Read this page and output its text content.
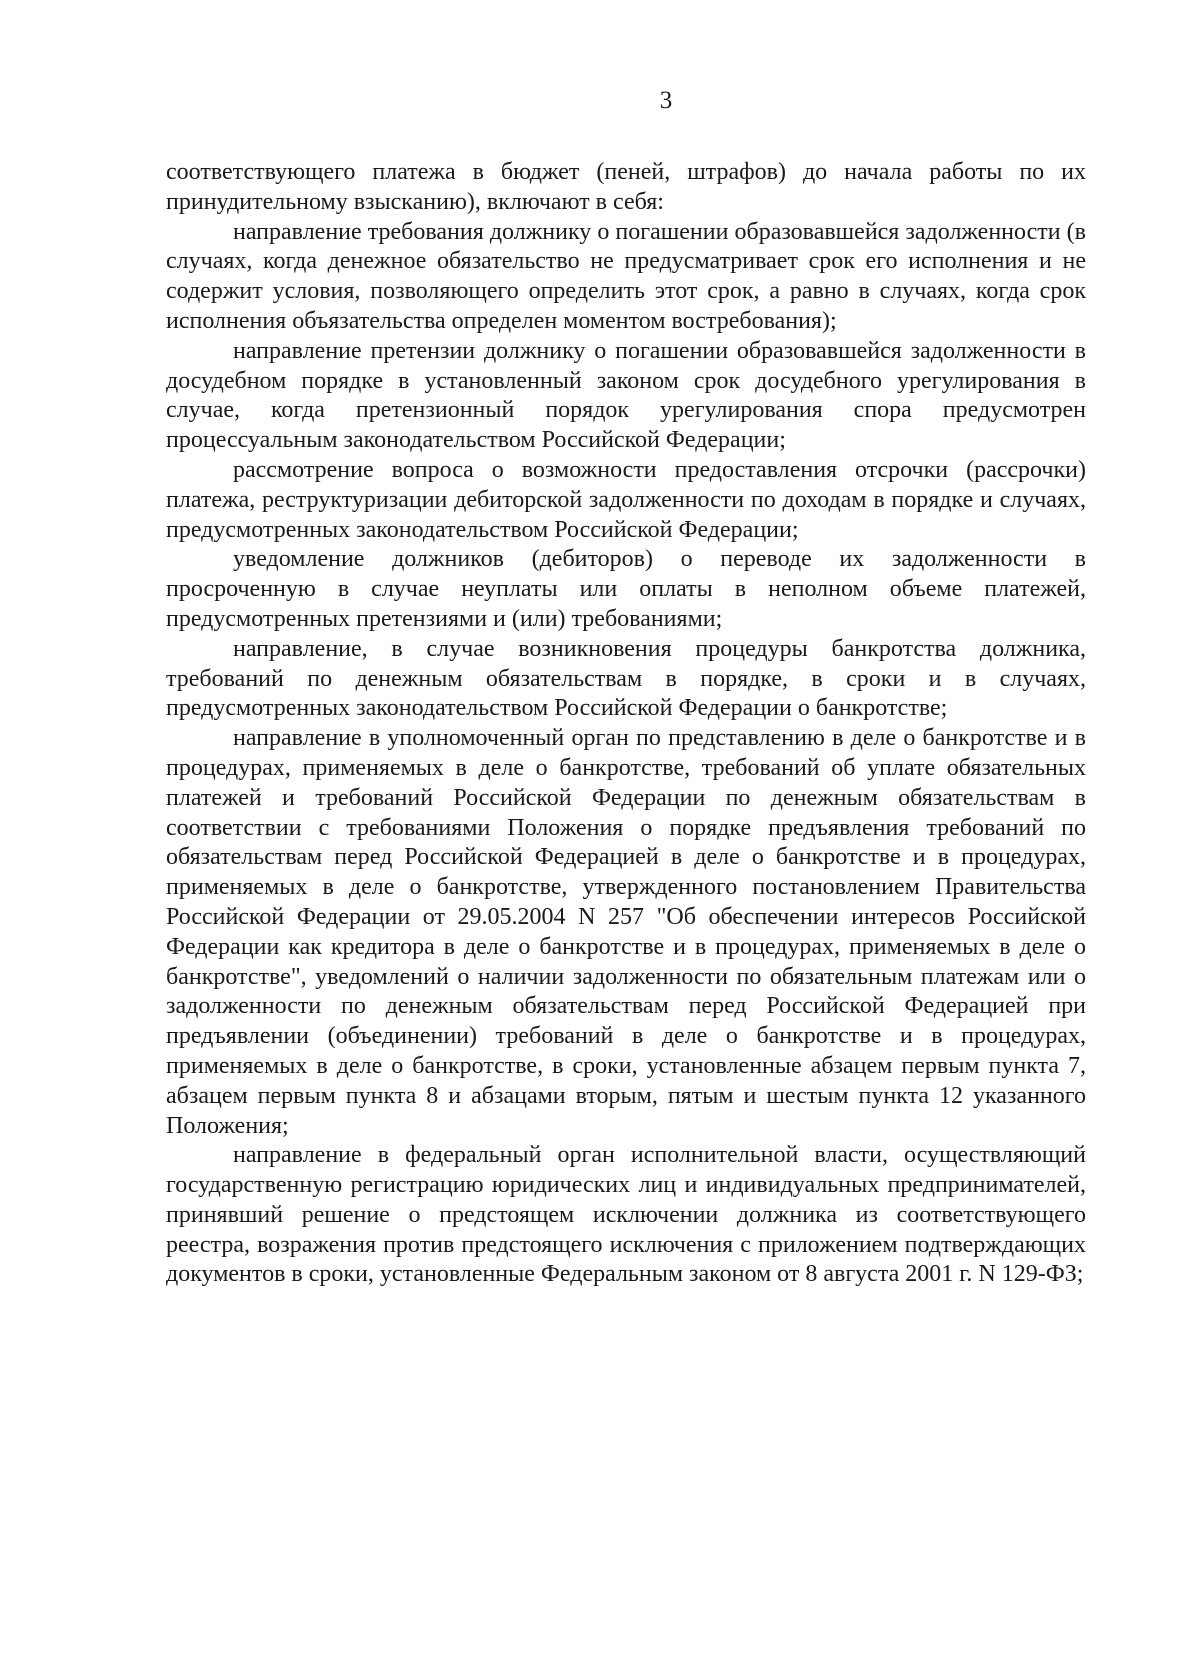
3

соответствующего платежа в бюджет (пеней, штрафов) до начала работы по их принудительному взысканию), включают в себя:

направление требования должнику о погашении образовавшейся задолженности (в случаях, когда денежное обязательство не предусматривает срок его исполнения и не содержит условия, позволяющего определить этот срок, а равно в случаях, когда срок исполнения объязательства определен моментом востребования);

направление претензии должнику о погашении образовавшейся задолженности в досудебном порядке в установленный законом срок досудебного урегулирования в случае, когда претензионный порядок урегулирования спора предусмотрен процессуальным законодательством Российской Федерации;

рассмотрение вопроса о возможности предоставления отсрочки (рассрочки) платежа, реструктуризации дебиторской задолженности по доходам в порядке и случаях, предусмотренных законодательством Российской Федерации;

уведомление должников (дебиторов) о переводе их задолженности в просроченную в случае неуплаты или оплаты в неполном объеме платежей, предусмотренных претензиями и (или) требованиями;

направление, в случае возникновения процедуры банкротства должника, требований по денежным обязательствам в порядке, в сроки и в случаях, предусмотренных законодательством Российской Федерации о банкротстве;

направление в уполномоченный орган по представлению в деле о банкротстве и в процедурах, применяемых в деле о банкротстве, требований об уплате обязательных платежей и требований Российской Федерации по денежным обязательствам в соответствии с требованиями Положения о порядке предъявления требований по обязательствам перед Российской Федерацией в деле о банкротстве и в процедурах, применяемых в деле о банкротстве, утвержденного постановлением Правительства Российской Федерации от 29.05.2004 N 257 "Об обеспечении интересов Российской Федерации как кредитора в деле о банкротстве и в процедурах, применяемых в деле о банкротстве", уведомлений о наличии задолженности по обязательным платежам или о задолженности по денежным обязательствам перед Российской Федерацией при предъявлении (объединении) требований в деле о банкротстве и в процедурах, применяемых в деле о банкротстве, в сроки, установленные абзацем первым пункта 7, абзацем первым пункта 8 и абзацами вторым, пятым и шестым пункта 12 указанного Положения;

направление в федеральный орган исполнительной власти, осуществляющий государственную регистрацию юридических лиц и индивидуальных предпринимателей, принявший решение о предстоящем исключении должника из соответствующего реестра, возражения против предстоящего исключения с приложением подтверждающих документов в сроки, установленные Федеральным законом от 8 августа 2001 г. N 129-ФЗ;
